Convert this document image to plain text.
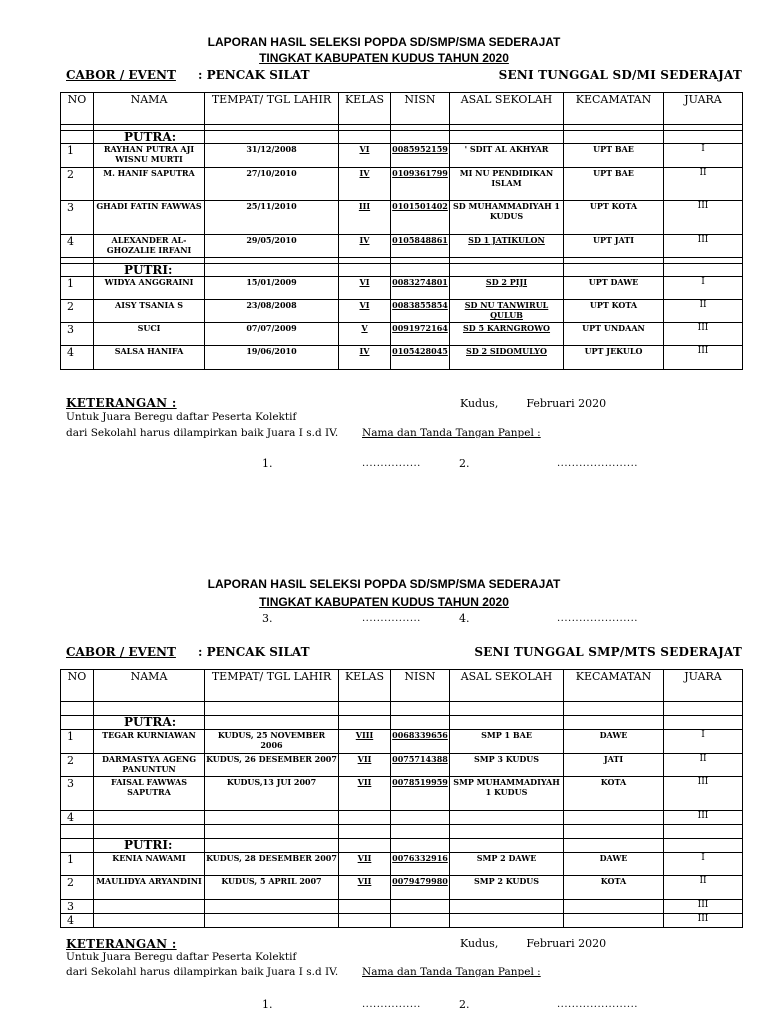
LAPORAN HASIL SELEKSI POPDA SD/SMP/SMA SEDERAJAT
TINGKAT KABUPATEN KUDUS TAHUN 2020
CABOR / EVENT : PENCAK SILAT	SENI TUNGGAL SD/MI SEDERAJAT
NO	NAMA	TEMPAT/ TGL LAHIR	KELAS	NISN	ASAL SEKOLAH	KECAMATAN	JUARA

	PUTRA:						
1	RAYHAN PUTRA AJI WISNU MURTI	31/12/2008	VI	0085952159	' SDIT AL AKHYAR	UPT BAE	I
2	M. HANIF SAPUTRA	27/10/2010	IV	0109361799	MI NU PENDIDIKAN ISLAM	UPT BAE	II
3	GHADI FATIN FAWWAS	25/11/2010	III	0101501402	SD MUHAMMADIYAH 1 KUDUS	UPT KOTA	III
4	ALEXANDER AL-GHOZALIE IRFANI	29/05/2010	IV	0105848861	SD 1 JATIKULON	UPT JATI	III

	PUTRI:						
1	WIDYA ANGGRAINI	15/01/2009	VI	0083274801	SD 2 PIJI	UPT DAWE	I
2	AISY TSANIA S	23/08/2008	VI	0083855854	SD NU TANWIRUL QULUB	UPT KOTA	II
3	SUCI	07/07/2009	V	0091972164	SD 5 KARNGROWO	UPT UNDAAN	III
4	SALSA HANIFA	19/06/2010	IV	0105428045	SD 2 SIDOMULYO	UPT JEKULO	III
KETERANGAN :
Untuk Juara Beregu daftar Peserta Kolektif
dari Sekolahl harus dilampirkan baik Juara I s.d IV.
Kudus,	Februari 2020
Nama dan Tanda Tangan Panpel :
1.	................	2.	......................
LAPORAN HASIL SELEKSI POPDA SD/SMP/SMA SEDERAJAT
TINGKAT KABUPATEN KUDUS TAHUN 2020
3.	................	4.	......................
CABOR / EVENT : PENCAK SILAT	SENI TUNGGAL SMP/MTS SEDERAJAT
NO	NAMA	TEMPAT/ TGL LAHIR	KELAS	NISN	ASAL SEKOLAH	KECAMATAN	JUARA

	PUTRA:						
1	TEGAR KURNIAWAN	KUDUS, 25 NOVEMBER 2006	VIII	0068339656	SMP 1 BAE	DAWE	I
2	DARMASTYA AGENG PANUNTUN	KUDUS, 26 DESEMBER 2007	VII	0075714388	SMP 3 KUDUS	JATI	II
3	FAISAL FAWWAS SAPUTRA	KUDUS,13 JUI 2007	VII	0078519959	SMP MUHAMMADIYAH 1 KUDUS	KOTA	III
4							III

	PUTRI:						
1	KENIA NAWAMI	KUDUS, 28 DESEMBER 2007	VII	0076332916	SMP 2 DAWE	DAWE	I
2	MAULIDYA ARYANDINI	KUDUS, 5 APRIL 2007	VII	0079479980	SMP 2 KUDUS	KOTA	II
3							III
4							III
KETERANGAN :
Untuk Juara Beregu daftar Peserta Kolektif
dari Sekolahl harus dilampirkan baik Juara I s.d IV.
Kudus,	Februari 2020
Nama dan Tanda Tangan Panpel :
1.	................	2.	......................
